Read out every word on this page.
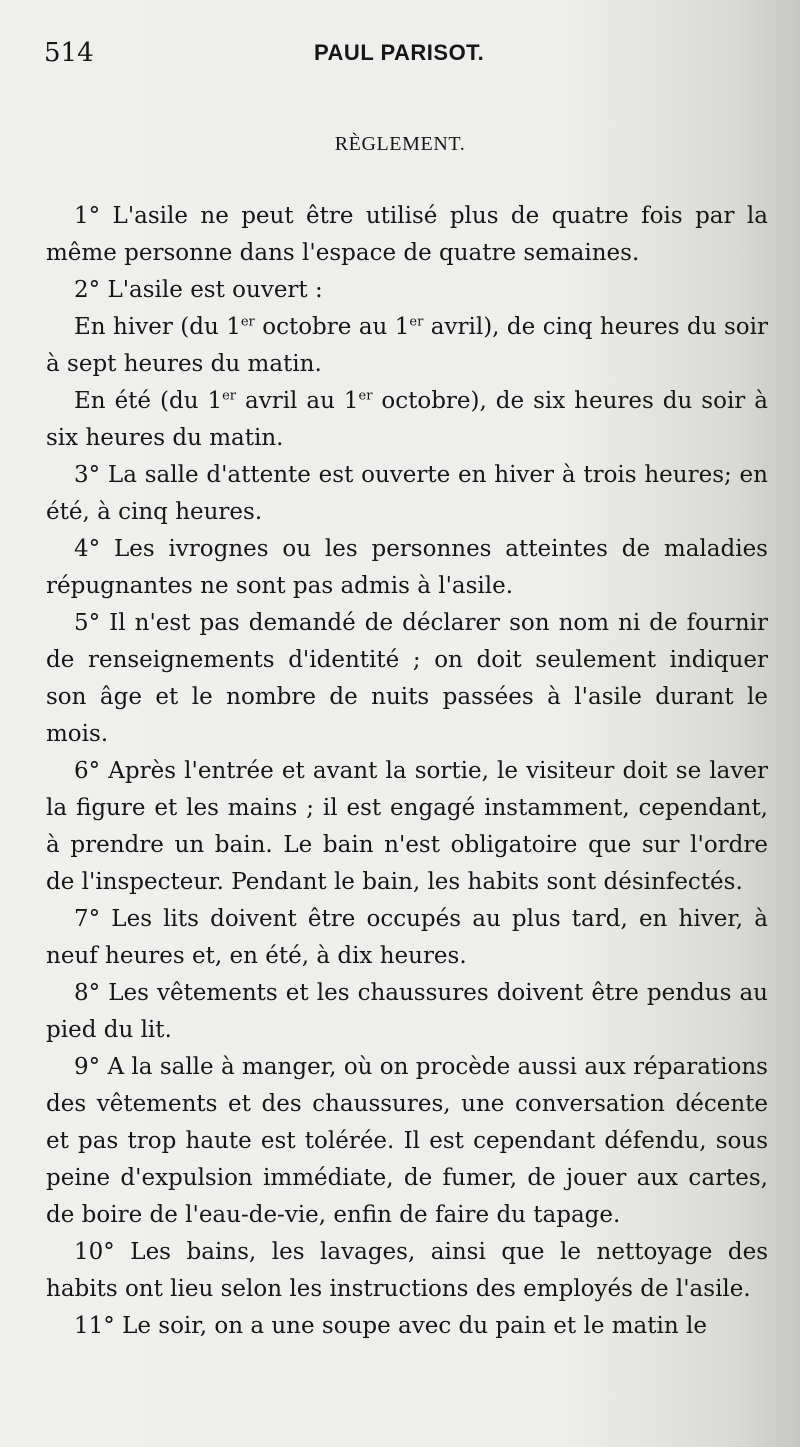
514	PAUL PARISOT.
RÈGLEMENT.

1° L'asile ne peut être utilisé plus de quatre fois par la même personne dans l'espace de quatre semaines.

2° L'asile est ouvert :

En hiver (du 1er octobre au 1er avril), de cinq heures du soir à sept heures du matin.

En été (du 1er avril au 1er octobre), de six heures du soir à six heures du matin.

3° La salle d'attente est ouverte en hiver à trois heures; en été, à cinq heures.

4° Les ivrognes ou les personnes atteintes de maladies répugnantes ne sont pas admis à l'asile.

5° Il n'est pas demandé de déclarer son nom ni de fournir de renseignements d'identité ; on doit seulement indiquer son âge et le nombre de nuits passées à l'asile durant le mois.

6° Après l'entrée et avant la sortie, le visiteur doit se laver la figure et les mains ; il est engagé instamment, cependant, à prendre un bain. Le bain n'est obligatoire que sur l'ordre de l'inspecteur. Pendant le bain, les habits sont désinfectés.

7° Les lits doivent être occupés au plus tard, en hiver, à neuf heures et, en été, à dix heures.

8° Les vêtements et les chaussures doivent être pendus au pied du lit.

9° A la salle à manger, où on procède aussi aux réparations des vêtements et des chaussures, une conversation décente et pas trop haute est tolérée. Il est cependant défendu, sous peine d'expulsion immédiate, de fumer, de jouer aux cartes, de boire de l'eau-de-vie, enfin de faire du tapage.

10° Les bains, les lavages, ainsi que le nettoyage des habits ont lieu selon les instructions des employés de l'asile.

11° Le soir, on a une soupe avec du pain et le matin le
